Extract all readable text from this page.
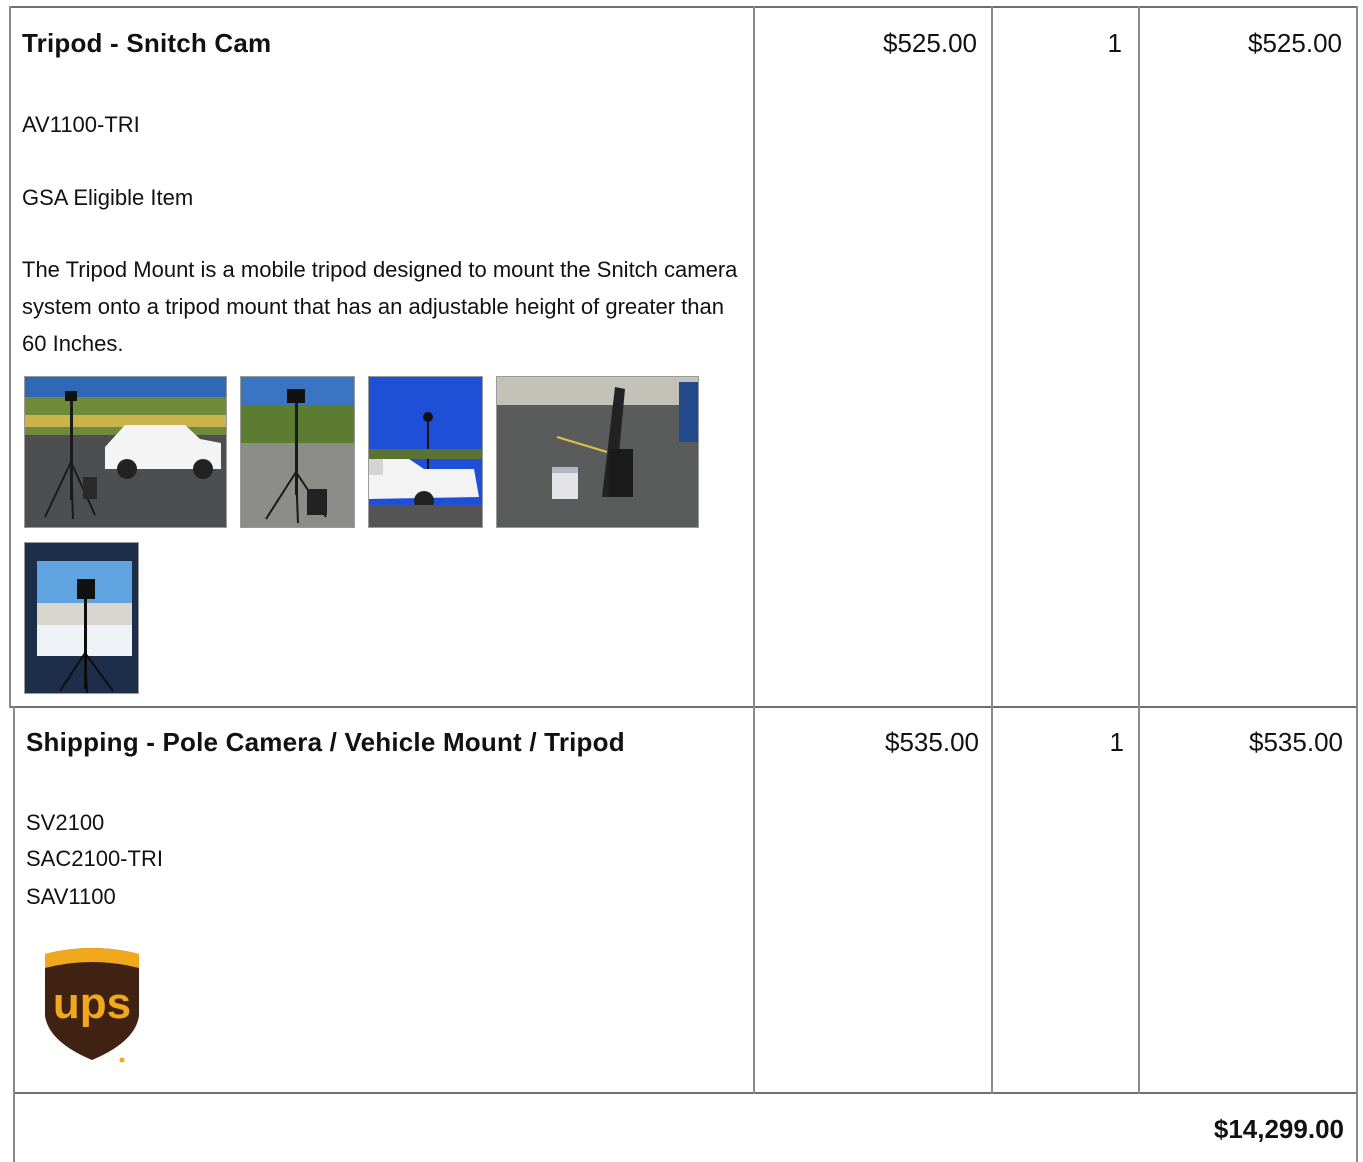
Tripod - Snitch Cam
AV1100-TRI
GSA Eligible Item
The Tripod Mount is a mobile tripod designed to mount the Snitch camera system onto a tripod mount that has an adjustable height of greater than 60 Inches.
$525.00	1	$525.00
Shipping - Pole Camera / Vehicle Mount / Tripod
SV2100
SAC2100-TRI
SAV1100
ups
$535.00	1	$535.00
$14,299.00
